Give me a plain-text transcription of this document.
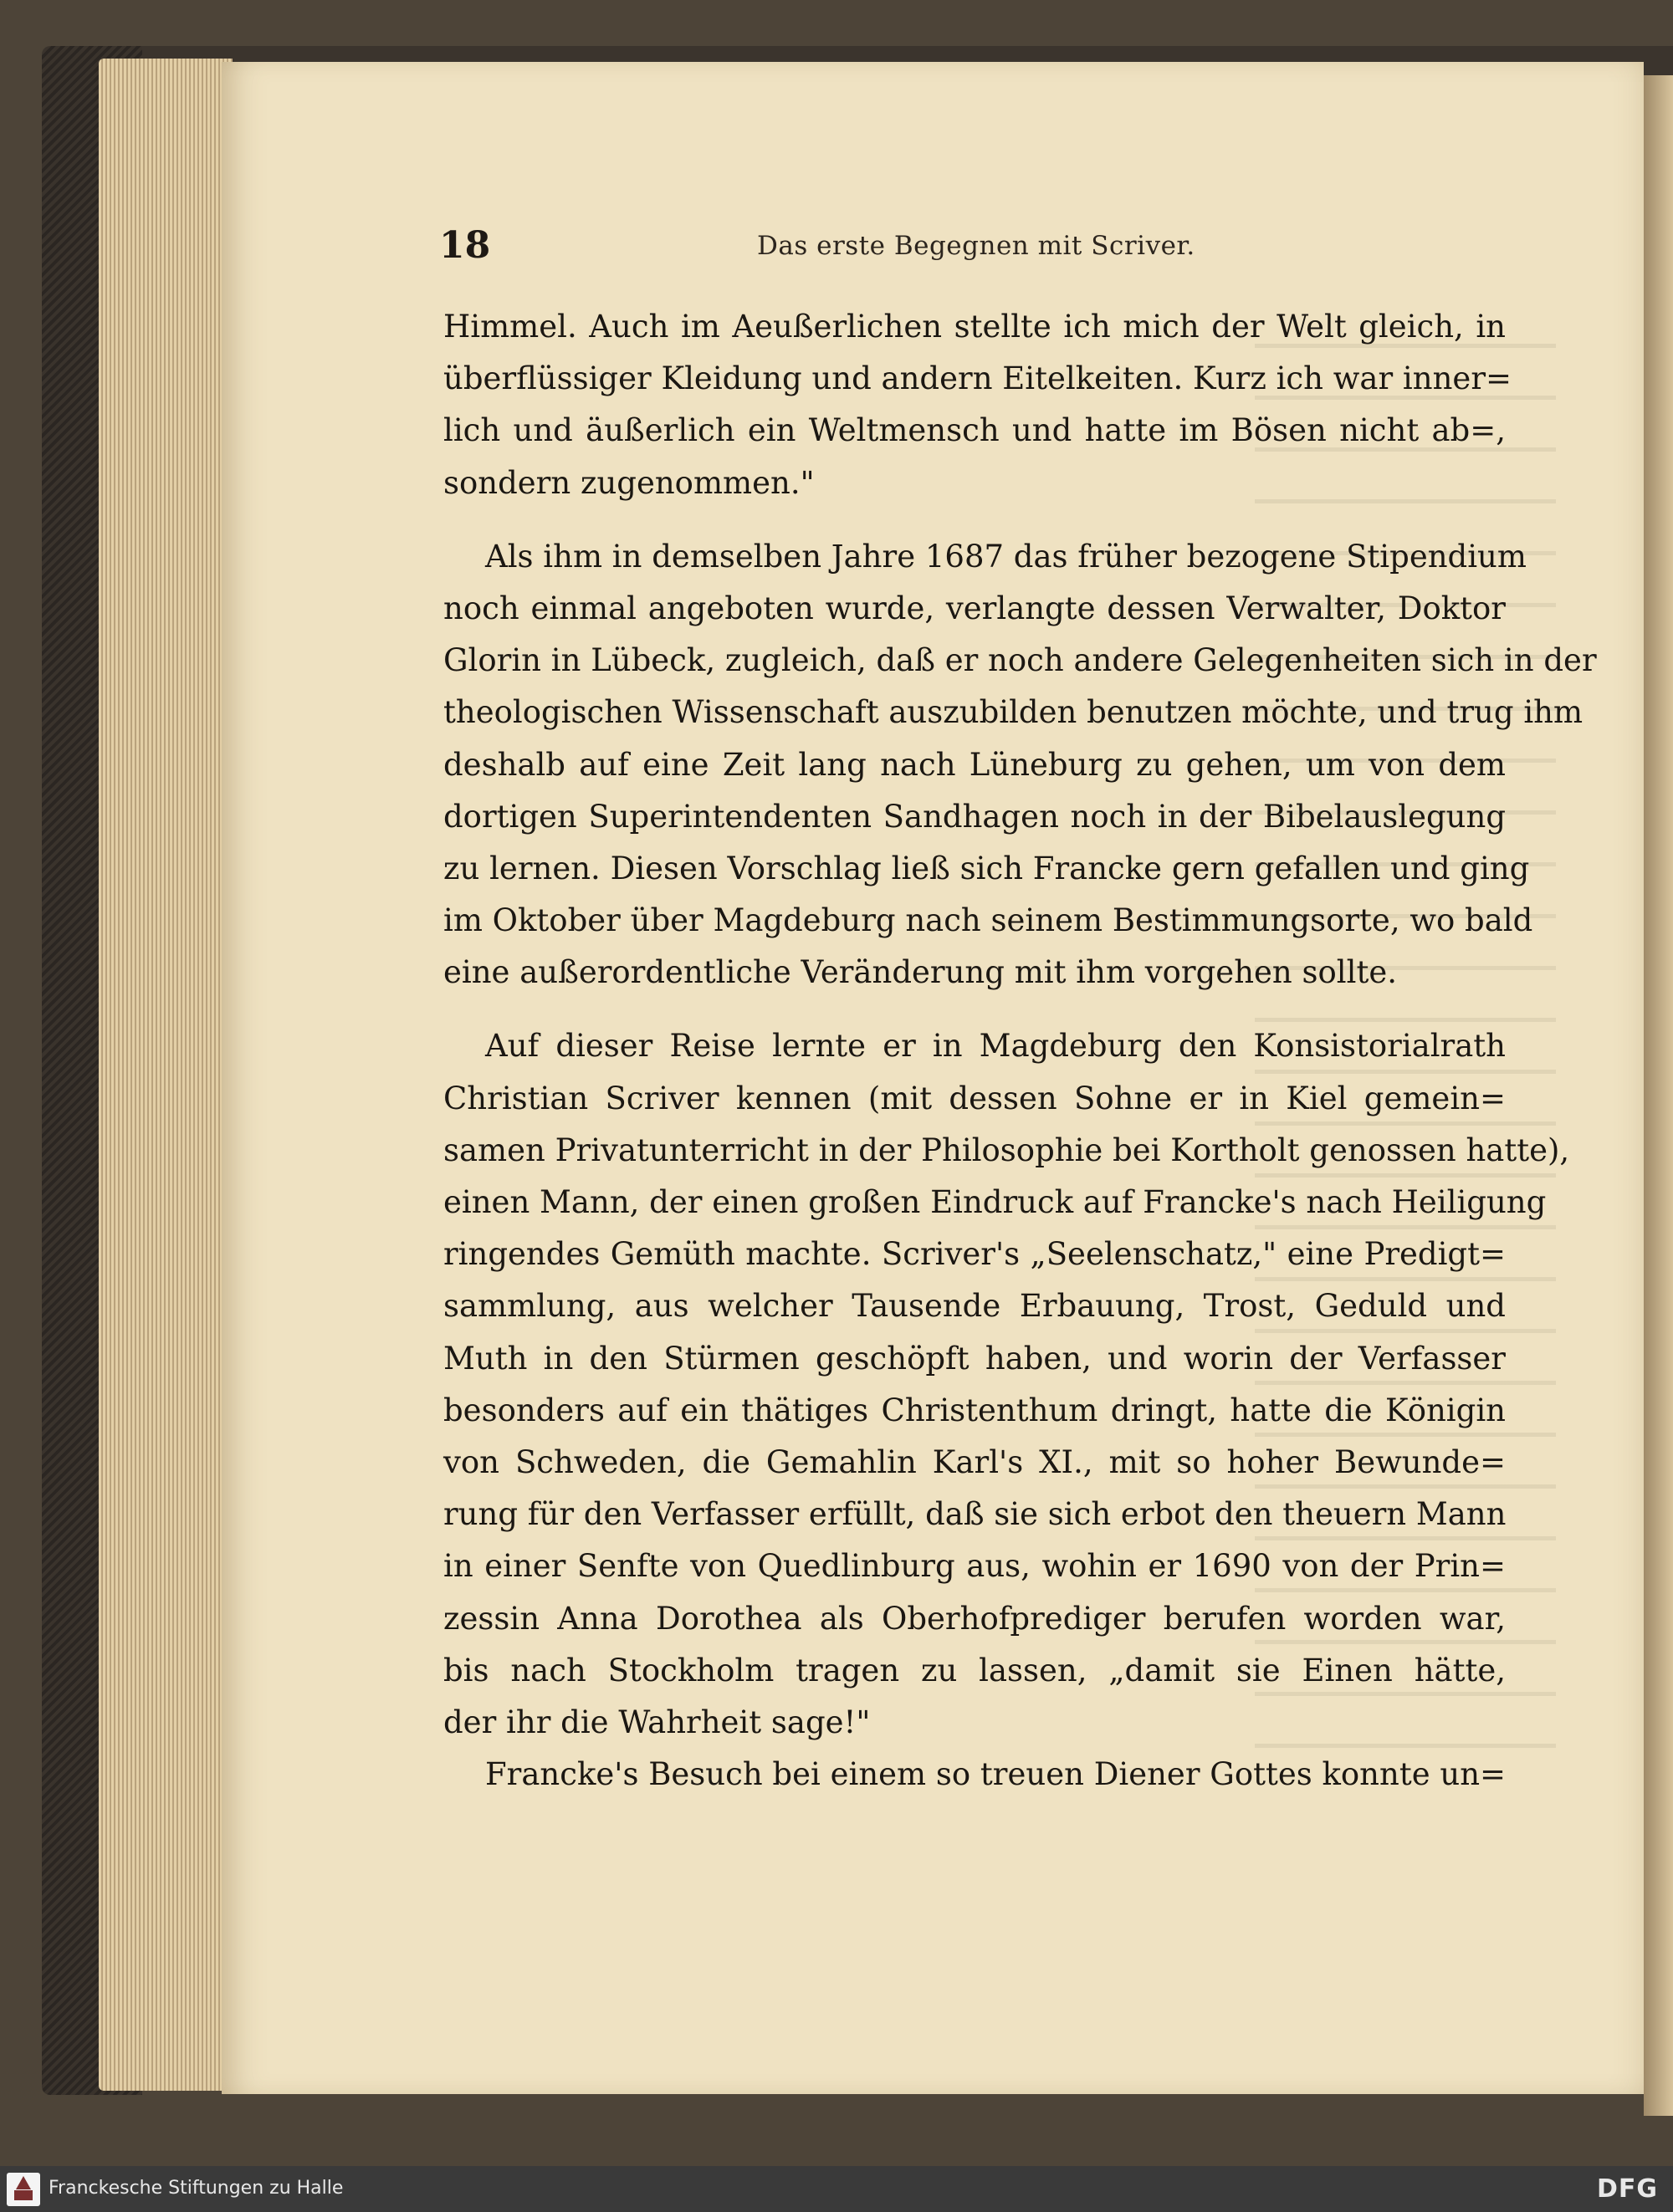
18	Das erste Begegnen mit Scriver.
Himmel. Auch im Aeußerlichen stellte ich mich der Welt gleich, in
überflüssiger Kleidung und andern Eitelkeiten. Kurz ich war inner=
lich und äußerlich ein Weltmensch und hatte im Bösen nicht ab=,
sondern zugenommen."
Als ihm in demselben Jahre 1687 das früher bezogene Stipendium
noch einmal angeboten wurde, verlangte dessen Verwalter, Doktor
Glorin in Lübeck, zugleich, daß er noch andere Gelegenheiten sich in der
theologischen Wissenschaft auszubilden benutzen möchte, und trug ihm
deshalb auf eine Zeit lang nach Lüneburg zu gehen, um von dem
dortigen Superintendenten Sandhagen noch in der Bibelauslegung
zu lernen. Diesen Vorschlag ließ sich Francke gern gefallen und ging
im Oktober über Magdeburg nach seinem Bestimmungsorte, wo bald
eine außerordentliche Veränderung mit ihm vorgehen sollte.
Auf dieser Reise lernte er in Magdeburg den Konsistorialrath
Christian Scriver kennen (mit dessen Sohne er in Kiel gemein=
samen Privatunterricht in der Philosophie bei Kortholt genossen hatte),
einen Mann, der einen großen Eindruck auf Francke's nach Heiligung
ringendes Gemüth machte. Scriver's „Seelenschatz," eine Predigt=
sammlung, aus welcher Tausende Erbauung, Trost, Geduld und
Muth in den Stürmen geschöpft haben, und worin der Verfasser
besonders auf ein thätiges Christenthum dringt, hatte die Königin
von Schweden, die Gemahlin Karl's XI., mit so hoher Bewunde=
rung für den Verfasser erfüllt, daß sie sich erbot den theuern Mann
in einer Senfte von Quedlinburg aus, wohin er 1690 von der Prin=
zessin Anna Dorothea als Oberhofprediger berufen worden war,
bis nach Stockholm tragen zu lassen, „damit sie Einen hätte,
der ihr die Wahrheit sage!"
Francke's Besuch bei einem so treuen Diener Gottes konnte un=
Franckesche Stiftungen zu Halle	DFG
